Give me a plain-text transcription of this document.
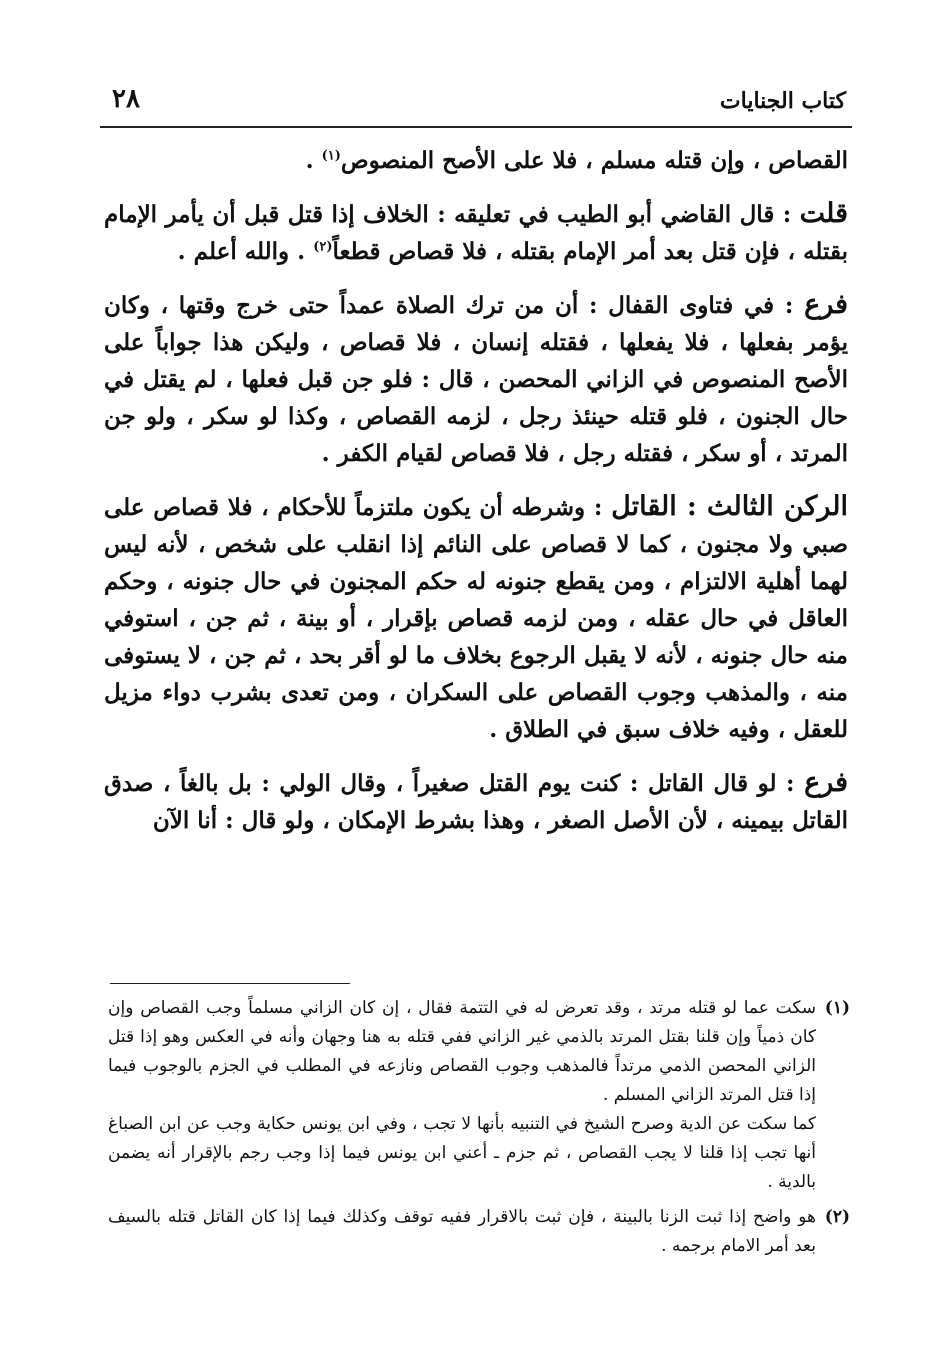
٢٨	كتاب الجنايات

القصاص ، وإن قتله مسلم ، فلا على الأصح المنصوص$^{(١)}$ .

قلت : قال القاضي أبو الطيب في تعليقه : الخلاف إذا قتل قبل أن يأمر الإمام بقتله ، فإن قتل بعد أمر الإمام بقتله ، فلا قصاص قطعاً$^{(٢)}$ . والله أعلم .

فرع : في فتاوى القفال : أن من ترك الصلاة عمداً حتى خرج وقتها ، وكان يؤمر بفعلها ، فلا يفعلها ، فقتله إنسان ، فلا قصاص ، وليكن هذا جواباً على الأصح المنصوص في الزاني المحصن ، قال : فلو جن قبل فعلها ، لم يقتل في حال الجنون ، فلو قتله حينئذ رجل ، لزمه القصاص ، وكذا لو سكر ، ولو جن المرتد ، أو سكر ، فقتله رجل ، فلا قصاص لقيام الكفر .

الركن الثالث : القاتل : وشرطه أن يكون ملتزماً للأحكام ، فلا قصاص على صبي ولا مجنون ، كما لا قصاص على النائم إذا انقلب على شخص ، لأنه ليس لهما أهلية الالتزام ، ومن يقطع جنونه له حكم المجنون في حال جنونه ، وحكم العاقل في حال عقله ، ومن لزمه قصاص بإقرار ، أو بينة ، ثم جن ، استوفي منه حال جنونه ، لأنه لا يقبل الرجوع بخلاف ما لو أقر بحد ، ثم جن ، لا يستوفى منه ، والمذهب وجوب القصاص على السكران ، ومن تعدى بشرب دواء مزيل للعقل ، وفيه خلاف سبق في الطلاق .

فرع : لو قال القاتل : كنت يوم القتل صغيراً ، وقال الولي : بل بالغاً ، صدق القاتل بيمينه ، لأن الأصل الصغر ، وهذا بشرط الإمكان ، ولو قال : أنا الآن

(١)

سكت عما لو قتله مرتد ، وقد تعرض له في التتمة فقال ، إن كان الزاني مسلماً وجب القصاص وإن كان ذمياً وإن قلنا بقتل المرتد بالذمي غير الزاني ففي قتله به هنا وجهان وأنه في العكس وهو إذا قتل الزاني المحصن الذمي مرتداً فالمذهب وجوب القصاص ونازعه في المطلب في الجزم بالوجوب فيما إذا قتل المرتد الزاني المسلم .

كما سكت عن الدية وصرح الشيخ في التنبيه بأنها لا تجب ، وفي ابن يونس حكاية وجب عن ابن الصباغ أنها تجب إذا قلنا لا يجب القصاص ، ثم جزم ـ أعني ابن يونس فيما إذا وجب رجم بالإقرار أنه يضمن بالدية .

(٢)

هو واضح إذا ثبت الزنا بالبينة ، فإن ثبت بالاقرار ففيه توقف وكذلك فيما إذا كان القاتل قتله بالسيف بعد أمر الامام برجمه .
